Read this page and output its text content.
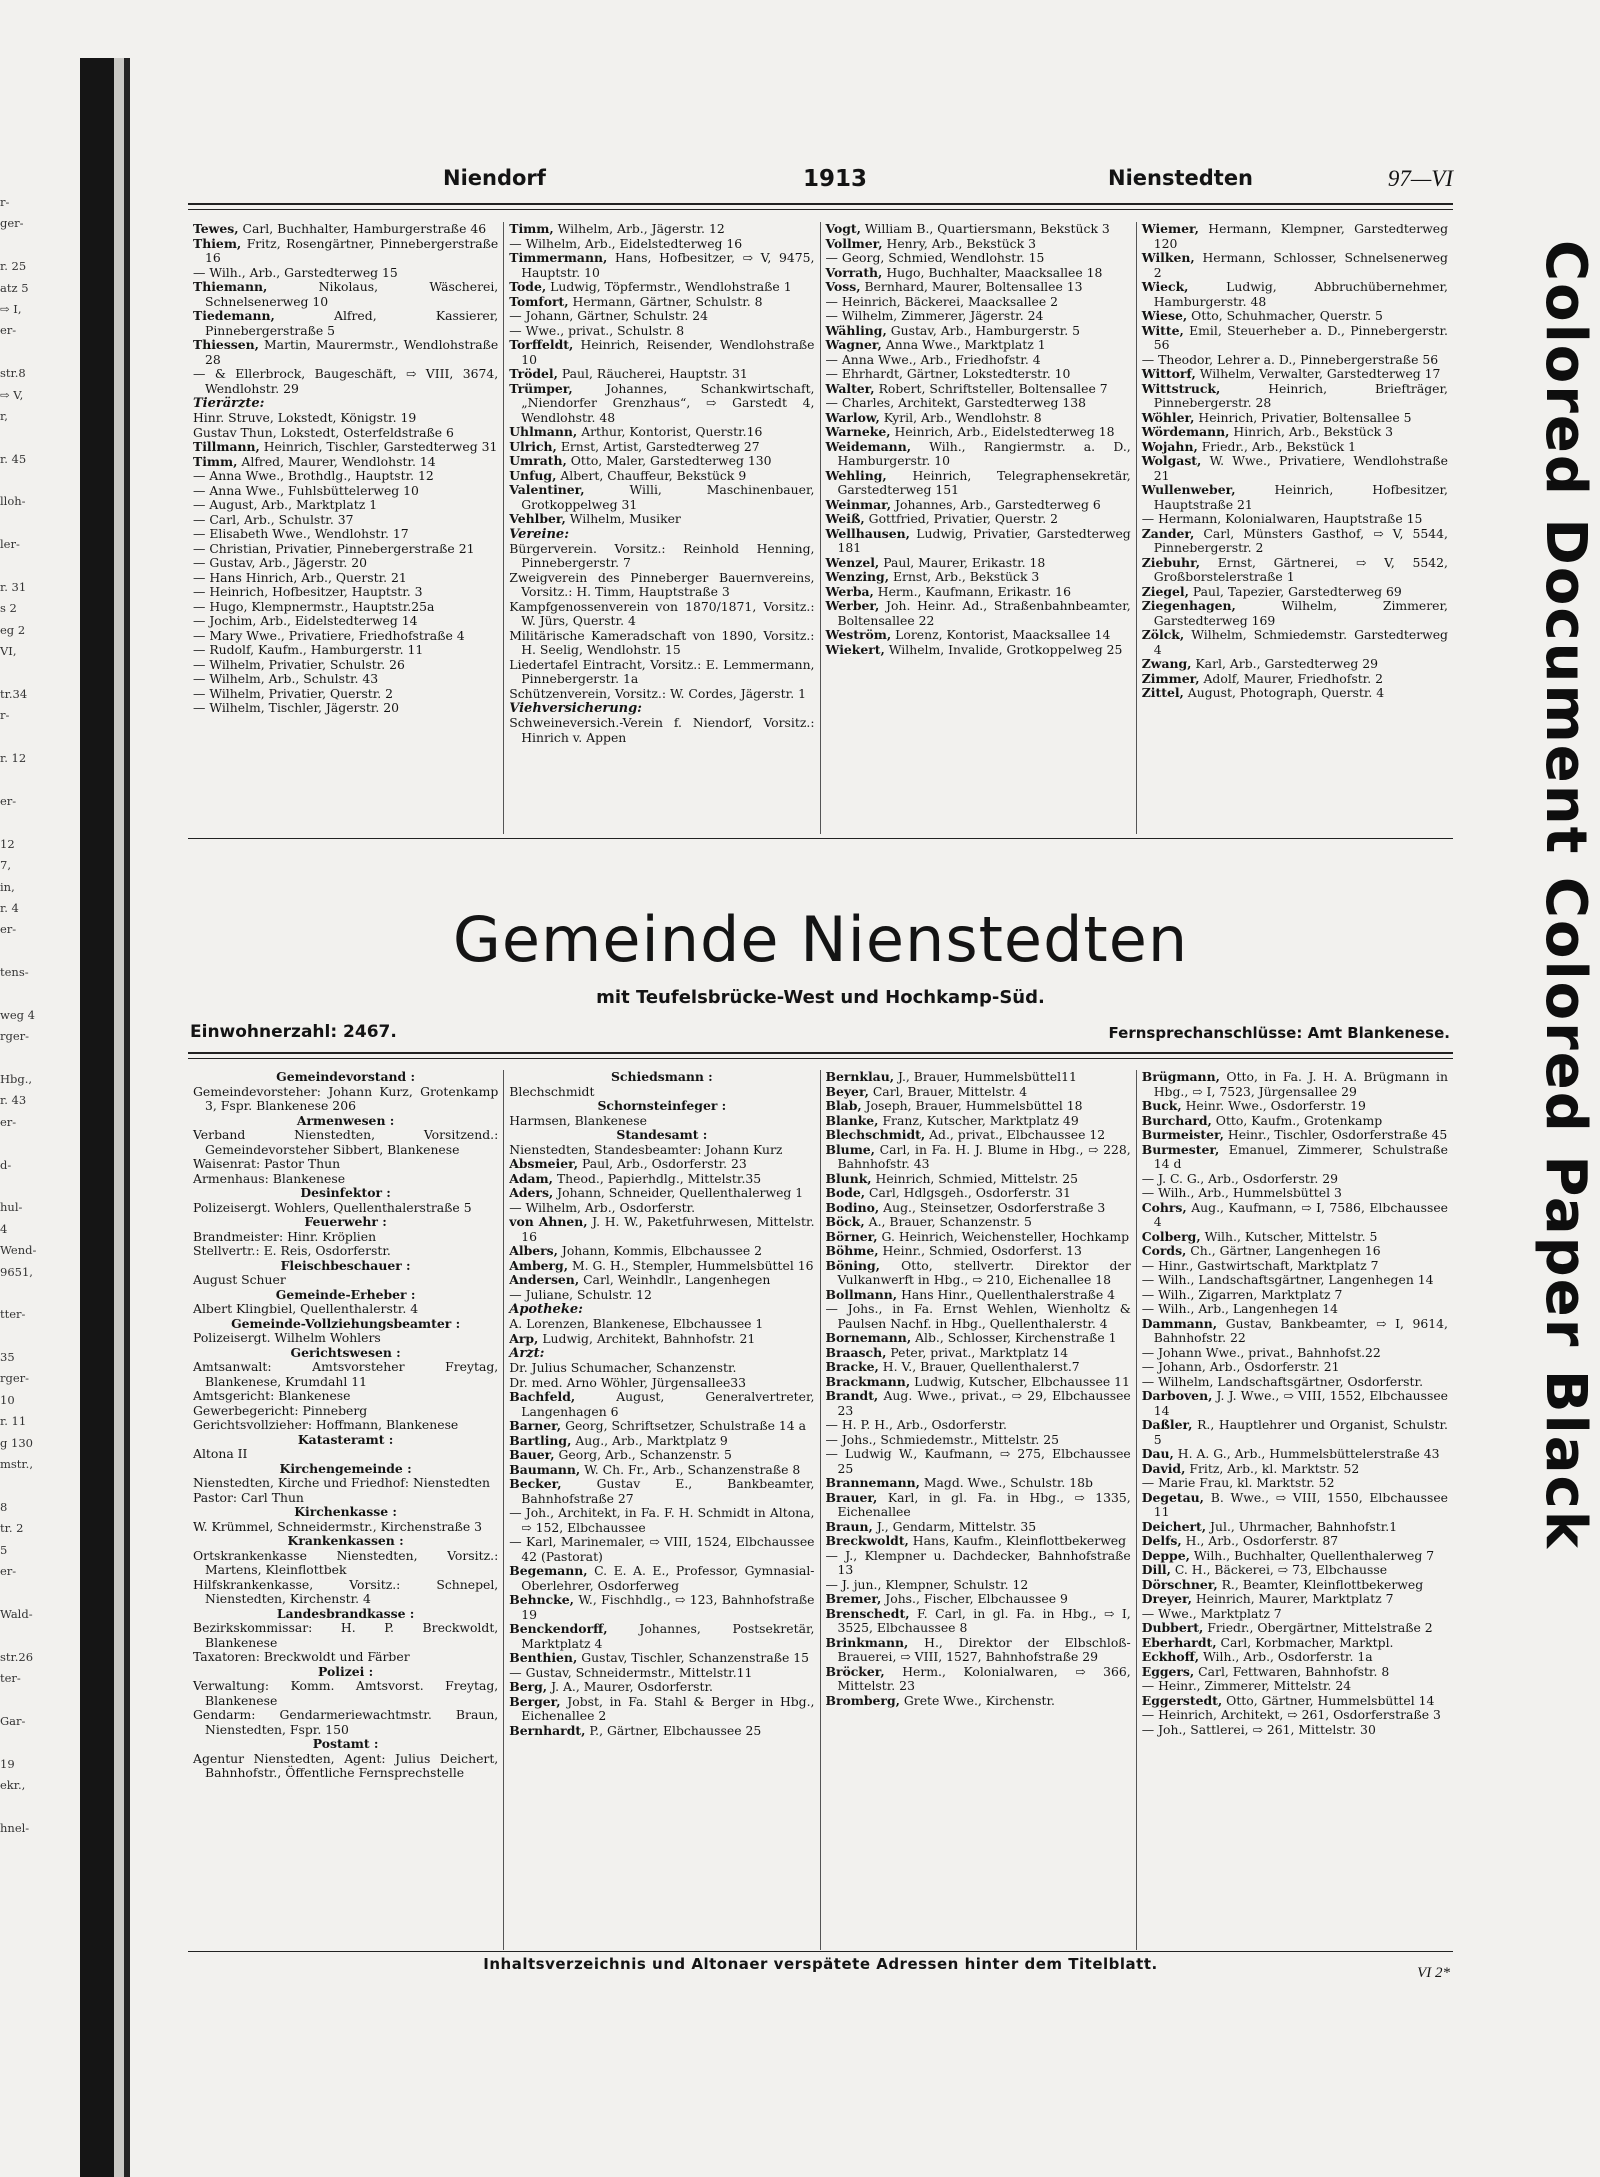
r-
ger-
r. 25
atz 5
⇨ I,
er-
str.8
⇨ V,
r,
r. 45
lloh-
ler-
r. 31
s 2
eg 2
VI,
tr.34
r-
r. 12
er-
12
7,
in,
r. 4
er-
tens-
weg 4
rger-
Hbg.,
r. 43
er-
d-
hul-
4
Wend-
9651,
tter-
35
rger-
10
r. 11
g 130
mstr.,
8
tr. 2
5
er-
Wald-
str.26
ter-
Gar-
19
ekr.,
hnel-
Colored Document Colored Paper Black
Niendorf	1913	Nienstedten	97—VI
Tewes, Carl, Buchhalter, Hamburgerstraße 46
Thiem, Fritz, Rosengärtner, Pinnebergerstraße 16
— Wilh., Arb., Garstedterweg 15
Thiemann, Nikolaus, Wäscherei, Schnelsenerweg 10
Tiedemann, Alfred, Kassierer, Pinnebergerstraße 5
Thiessen, Martin, Maurermstr., Wendlohstraße 28
— & Ellerbrock, Baugeschäft, ⇨ VIII, 3674, Wendlohstr. 29
Tierärzte:
Hinr. Struve, Lokstedt, Königstr. 19
Gustav Thun, Lokstedt, Osterfeldstraße 6
Tillmann, Heinrich, Tischler, Garstedterweg 31
Timm, Alfred, Maurer, Wendlohstr. 14
— Anna Wwe., Brothdlg., Hauptstr. 12
— Anna Wwe., Fuhlsbüttelerweg 10
— August, Arb., Marktplatz 1
— Carl, Arb., Schulstr. 37
— Elisabeth Wwe., Wendlohstr. 17
— Christian, Privatier, Pinnebergerstraße 21
— Gustav, Arb., Jägerstr. 20
— Hans Hinrich, Arb., Querstr. 21
— Heinrich, Hofbesitzer, Hauptstr. 3
— Hugo, Klempnermstr., Hauptstr.25a
— Jochim, Arb., Eidelstedterweg 14
— Mary Wwe., Privatiere, Friedhofstraße 4
— Rudolf, Kaufm., Hamburgerstr. 11
— Wilhelm, Privatier, Schulstr. 26
— Wilhelm, Arb., Schulstr. 43
— Wilhelm, Privatier, Querstr. 2
— Wilhelm, Tischler, Jägerstr. 20
Timm, Wilhelm, Arb., Jägerstr. 12
— Wilhelm, Arb., Eidelstedterweg 16
Timmermann, Hans, Hofbesitzer, ⇨ V, 9475, Hauptstr. 10
Tode, Ludwig, Töpfermstr., Wendlohstraße 1
Tomfort, Hermann, Gärtner, Schulstr. 8
— Johann, Gärtner, Schulstr. 24
— Wwe., privat., Schulstr. 8
Torffeldt, Heinrich, Reisender, Wendlohstraße 10
Trödel, Paul, Räucherei, Hauptstr. 31
Trümper, Johannes, Schankwirtschaft, „Niendorfer Grenzhaus“, ⇨ Garstedt 4, Wendlohstr. 48
Uhlmann, Arthur, Kontorist, Querstr.16
Ulrich, Ernst, Artist, Garstedterweg 27
Umrath, Otto, Maler, Garstedterweg 130
Unfug, Albert, Chauffeur, Bekstück 9
Valentiner, Willi, Maschinenbauer, Grotkoppelweg 31
Vehlber, Wilhelm, Musiker
Vereine:
Bürgerverein. Vorsitz.: Reinhold Henning, Pinnebergerstr. 7
Zweigverein des Pinneberger Bauernvereins, Vorsitz.: H. Timm, Hauptstraße 3
Kampfgenossenverein von 1870/1871, Vorsitz.: W. Jürs, Querstr. 4
Militärische Kameradschaft von 1890, Vorsitz.: H. Seelig, Wendlohstr. 15
Liedertafel Eintracht, Vorsitz.: E. Lemmermann, Pinnebergerstr. 1a
Schützenverein, Vorsitz.: W. Cordes, Jägerstr. 1
Viehversicherung:
Schweineversich.-Verein f. Niendorf, Vorsitz.: Hinrich v. Appen
Vogt, William B., Quartiersmann, Bekstück 3
Vollmer, Henry, Arb., Bekstück 3
— Georg, Schmied, Wendlohstr. 15
Vorrath, Hugo, Buchhalter, Maacksallee 18
Voss, Bernhard, Maurer, Boltensallee 13
— Heinrich, Bäckerei, Maacksallee 2
— Wilhelm, Zimmerer, Jägerstr. 24
Wähling, Gustav, Arb., Hamburgerstr. 5
Wagner, Anna Wwe., Marktplatz 1
— Anna Wwe., Arb., Friedhofstr. 4
— Ehrhardt, Gärtner, Lokstedterstr. 10
Walter, Robert, Schriftsteller, Boltensallee 7
— Charles, Architekt, Garstedterweg 138
Warlow, Kyril, Arb., Wendlohstr. 8
Warneke, Heinrich, Arb., Eidelstedterweg 18
Weidemann, Wilh., Rangiermstr. a. D., Hamburgerstr. 10
Wehling, Heinrich, Telegraphensekretär, Garstedterweg 151
Weinmar, Johannes, Arb., Garstedterweg 6
Weiß, Gottfried, Privatier, Querstr. 2
Wellhausen, Ludwig, Privatier, Garstedterweg 181
Wenzel, Paul, Maurer, Erikastr. 18
Wenzing, Ernst, Arb., Bekstück 3
Werba, Herm., Kaufmann, Erikastr. 16
Werber, Joh. Heinr. Ad., Straßenbahnbeamter, Boltensallee 22
Weström, Lorenz, Kontorist, Maacksallee 14
Wiekert, Wilhelm, Invalide, Grotkoppelweg 25
Wiemer, Hermann, Klempner, Garstedterweg 120
Wilken, Hermann, Schlosser, Schnelsenerweg 2
Wieck, Ludwig, Abbruchübernehmer, Hamburgerstr. 48
Wiese, Otto, Schuhmacher, Querstr. 5
Witte, Emil, Steuerheber a. D., Pinnebergerstr. 56
— Theodor, Lehrer a. D., Pinnebergerstraße 56
Wittorf, Wilhelm, Verwalter, Garstedterweg 17
Wittstruck, Heinrich, Briefträger, Pinnebergerstr. 28
Wöhler, Heinrich, Privatier, Boltensallee 5
Wördemann, Hinrich, Arb., Bekstück 3
Wojahn, Friedr., Arb., Bekstück 1
Wolgast, W. Wwe., Privatiere, Wendlohstraße 21
Wullenweber, Heinrich, Hofbesitzer, Hauptstraße 21
— Hermann, Kolonialwaren, Hauptstraße 15
Zander, Carl, Münsters Gasthof, ⇨ V, 5544, Pinnebergerstr. 2
Ziebuhr, Ernst, Gärtnerei, ⇨ V, 5542, Großborstelerstraße 1
Ziegel, Paul, Tapezier, Garstedterweg 69
Ziegenhagen, Wilhelm, Zimmerer, Garstedterweg 169
Zölck, Wilhelm, Schmiedemstr. Garstedterweg 4
Zwang, Karl, Arb., Garstedterweg 29
Zimmer, Adolf, Maurer, Friedhofstr. 2
Zittel, August, Photograph, Querstr. 4
Gemeinde Nienstedten
mit Teufelsbrücke-West und Hochkamp-Süd.
Einwohnerzahl: 2467.	Fernsprechanschlüsse: Amt Blankenese.
Gemeindevorstand :
Gemeindevorsteher: Johann Kurz, Grotenkamp 3, Fspr. Blankenese 206
Armenwesen :
Verband Nienstedten, Vorsitzend.: Gemeindevorsteher Sibbert, Blankenese
Waisenrat: Pastor Thun
Armenhaus: Blankenese
Desinfektor :
Polizeisergt. Wohlers, Quellenthalerstraße 5
Feuerwehr :
Brandmeister: Hinr. Kröplien
Stellvertr.: E. Reis, Osdorferstr.
Fleischbeschauer :
August Schuer
Gemeinde-Erheber :
Albert Klingbiel, Quellenthalerstr. 4
Gemeinde-Vollziehungsbeamter :
Polizeisergt. Wilhelm Wohlers
Gerichtswesen :
Amtsanwalt: Amtsvorsteher Freytag, Blankenese, Krumdahl 11
Amtsgericht: Blankenese
Gewerbegericht: Pinneberg
Gerichtsvollzieher: Hoffmann, Blankenese
Katasteramt :
Altona II
Kirchengemeinde :
Nienstedten, Kirche und Friedhof: Nienstedten
Pastor: Carl Thun
Kirchenkasse :
W. Krümmel, Schneidermstr., Kirchenstraße 3
Krankenkassen :
Ortskrankenkasse Nienstedten, Vorsitz.: Martens, Kleinflottbek
Hilfskrankenkasse, Vorsitz.: Schnepel, Nienstedten, Kirchenstr. 4
Landesbrandkasse :
Bezirkskommissar: H. P. Breckwoldt, Blankenese
Taxatoren: Breckwoldt und Färber
Polizei :
Verwaltung: Komm. Amtsvorst. Freytag, Blankenese
Gendarm: Gendarmeriewachtmstr. Braun, Nienstedten, Fspr. 150
Postamt :
Agentur Nienstedten, Agent: Julius Deichert, Bahnhofstr., Öffentliche Fernsprechstelle
Schiedsmann :
Blechschmidt
Schornsteinfeger :
Harmsen, Blankenese
Standesamt :
Nienstedten, Standesbeamter: Johann Kurz
Absmeier, Paul, Arb., Osdorferstr. 23
Adam, Theod., Papierhdlg., Mittelstr.35
Aders, Johann, Schneider, Quellenthalerweg 1
— Wilhelm, Arb., Osdorferstr.
von Ahnen, J. H. W., Paketfuhrwesen, Mittelstr. 16
Albers, Johann, Kommis, Elbchaussee 2
Amberg, M. G. H., Stempler, Hummelsbüttel 16
Andersen, Carl, Weinhdlr., Langenhegen
— Juliane, Schulstr. 12
Apotheke:
A. Lorenzen, Blankenese, Elbchaussee 1
Arp, Ludwig, Architekt, Bahnhofstr. 21
Arzt:
Dr. Julius Schumacher, Schanzenstr.
Dr. med. Arno Wöhler, Jürgensallee33
Bachfeld, August, Generalvertreter, Langenhagen 6
Barner, Georg, Schriftsetzer, Schulstraße 14 a
Bartling, Aug., Arb., Marktplatz 9
Bauer, Georg, Arb., Schanzenstr. 5
Baumann, W. Ch. Fr., Arb., Schanzenstraße 8
Becker, Gustav E., Bankbeamter, Bahnhofstraße 27
— Joh., Architekt, in Fa. F. H. Schmidt in Altona, ⇨ 152, Elbchaussee
— Karl, Marinemaler, ⇨ VIII, 1524, Elbchaussee 42 (Pastorat)
Begemann, C. E. A. E., Professor, Gymnasial-Oberlehrer, Osdorferweg
Behncke, W., Fischhdlg., ⇨ 123, Bahnhofstraße 19
Benckendorff, Johannes, Postsekretär, Marktplatz 4
Benthien, Gustav, Tischler, Schanzenstraße 15
— Gustav, Schneidermstr., Mittelstr.11
Berg, J. A., Maurer, Osdorferstr.
Berger, Jobst, in Fa. Stahl & Berger in Hbg., Eichenallee 2
Bernhardt, P., Gärtner, Elbchaussee 25
Bernklau, J., Brauer, Hummelsbüttel11
Beyer, Carl, Brauer, Mittelstr. 4
Blab, Joseph, Brauer, Hummelsbüttel 18
Blanke, Franz, Kutscher, Marktplatz 49
Blechschmidt, Ad., privat., Elbchaussee 12
Blume, Carl, in Fa. H. J. Blume in Hbg., ⇨ 228, Bahnhofstr. 43
Blunk, Heinrich, Schmied, Mittelstr. 25
Bode, Carl, Hdlgsgeh., Osdorferstr. 31
Bodino, Aug., Steinsetzer, Osdorferstraße 3
Böck, A., Brauer, Schanzenstr. 5
Börner, G. Heinrich, Weichensteller, Hochkamp
Böhme, Heinr., Schmied, Osdorferst. 13
Böning, Otto, stellvertr. Direktor der Vulkanwerft in Hbg., ⇨ 210, Eichenallee 18
Bollmann, Hans Hinr., Quellenthalerstraße 4
— Johs., in Fa. Ernst Wehlen, Wienholtz & Paulsen Nachf. in Hbg., Quellenthalerstr. 4
Bornemann, Alb., Schlosser, Kirchenstraße 1
Braasch, Peter, privat., Marktplatz 14
Bracke, H. V., Brauer, Quellenthalerst.7
Brackmann, Ludwig, Kutscher, Elbchaussee 11
Brandt, Aug. Wwe., privat., ⇨ 29, Elbchaussee 23
— H. P. H., Arb., Osdorferstr.
— Johs., Schmiedemstr., Mittelstr. 25
— Ludwig W., Kaufmann, ⇨ 275, Elbchaussee 25
Brannemann, Magd. Wwe., Schulstr. 18b
Brauer, Karl, in gl. Fa. in Hbg., ⇨ 1335, Eichenallee
Braun, J., Gendarm, Mittelstr. 35
Breckwoldt, Hans, Kaufm., Kleinflottbekerweg
— J., Klempner u. Dachdecker, Bahnhofstraße 13
— J. jun., Klempner, Schulstr. 12
Bremer, Johs., Fischer, Elbchaussee 9
Brenschedt, F. Carl, in gl. Fa. in Hbg., ⇨ I, 3525, Elbchaussee 8
Brinkmann, H., Direktor der Elbschloß-Brauerei, ⇨ VIII, 1527, Bahnhofstraße 29
Bröcker, Herm., Kolonialwaren, ⇨ 366, Mittelstr. 23
Bromberg, Grete Wwe., Kirchenstr.
Brügmann, Otto, in Fa. J. H. A. Brügmann in Hbg., ⇨ I, 7523, Jürgensallee 29
Buck, Heinr. Wwe., Osdorferstr. 19
Burchard, Otto, Kaufm., Grotenkamp
Burmeister, Heinr., Tischler, Osdorferstraße 45
Burmester, Emanuel, Zimmerer, Schulstraße 14 d
— J. C. G., Arb., Osdorferstr. 29
— Wilh., Arb., Hummelsbüttel 3
Cohrs, Aug., Kaufmann, ⇨ I, 7586, Elbchaussee 4
Colberg, Wilh., Kutscher, Mittelstr. 5
Cords, Ch., Gärtner, Langenhegen 16
— Hinr., Gastwirtschaft, Marktplatz 7
— Wilh., Landschaftsgärtner, Langenhegen 14
— Wilh., Zigarren, Marktplatz 7
— Wilh., Arb., Langenhegen 14
Dammann, Gustav, Bankbeamter, ⇨ I, 9614, Bahnhofstr. 22
— Johann Wwe., privat., Bahnhofst.22
— Johann, Arb., Osdorferstr. 21
— Wilhelm, Landschaftsgärtner, Osdorferstr.
Darboven, J. J. Wwe., ⇨ VIII, 1552, Elbchaussee 14
Daßler, R., Hauptlehrer und Organist, Schulstr. 5
Dau, H. A. G., Arb., Hummelsbüttelerstraße 43
David, Fritz, Arb., kl. Marktstr. 52
— Marie Frau, kl. Marktstr. 52
Degetau, B. Wwe., ⇨ VIII, 1550, Elbchaussee 11
Deichert, Jul., Uhrmacher, Bahnhofstr.1
Delfs, H., Arb., Osdorferstr. 87
Deppe, Wilh., Buchhalter, Quellenthalerweg 7
Dill, C. H., Bäckerei, ⇨ 73, Elbchausse
Dörschner, R., Beamter, Kleinflottbekerweg
Dreyer, Heinrich, Maurer, Marktplatz 7
— Wwe., Marktplatz 7
Dubbert, Friedr., Obergärtner, Mittelstraße 2
Eberhardt, Carl, Korbmacher, Marktpl.
Eckhoff, Wilh., Arb., Osdorferstr. 1a
Eggers, Carl, Fettwaren, Bahnhofstr. 8
— Heinr., Zimmerer, Mittelstr. 24
Eggerstedt, Otto, Gärtner, Hummelsbüttel 14
— Heinrich, Architekt, ⇨ 261, Osdorferstraße 3
— Joh., Sattlerei, ⇨ 261, Mittelstr. 30
Inhaltsverzeichnis und Altonaer verspätete Adressen hinter dem Titelblatt.	VI 2*
